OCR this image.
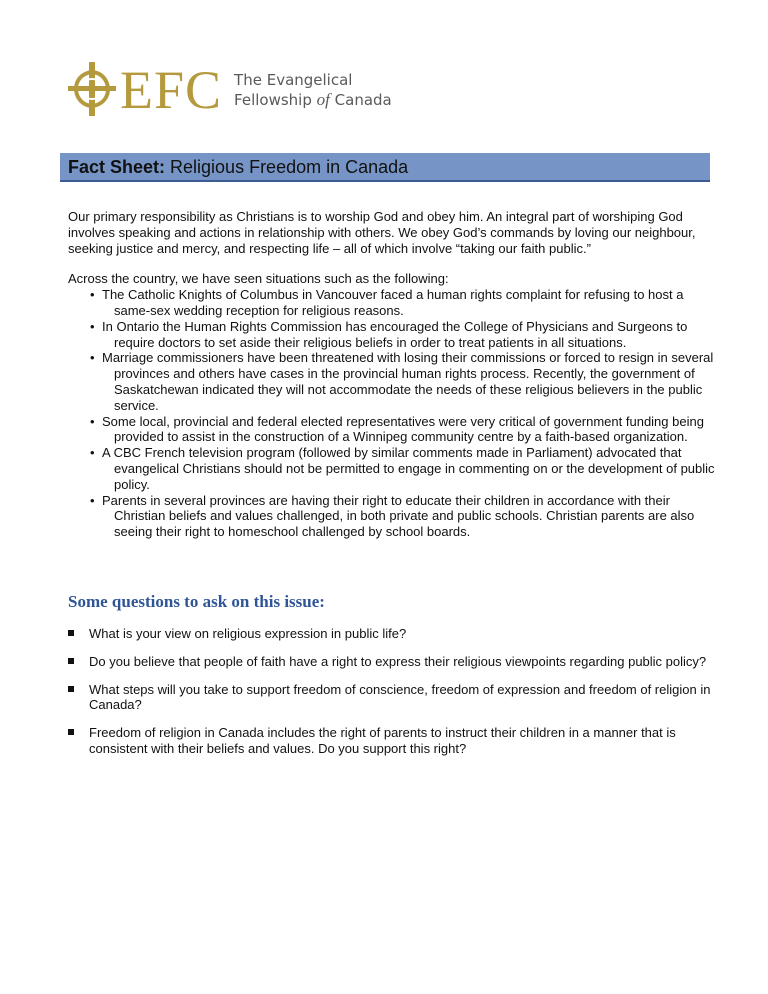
EFC The Evangelical
Fellowship of Canada
Fact Sheet: Religious Freedom in Canada

Our primary responsibility as Christians is to worship God and obey him. An integral part of worshiping God involves speaking and actions in relationship with others. We obey God’s commands by loving our neighbour, seeking justice and mercy, and respecting life – all of which involve “taking our faith public.”

Across the country, we have seen situations such as the following:

• The Catholic Knights of Columbus in Vancouver faced a human rights complaint for refusing to host a same-sex wedding reception for religious reasons.
• In Ontario the Human Rights Commission has encouraged the College of Physicians and Surgeons to require doctors to set aside their religious beliefs in order to treat patients in all situations.
• Marriage commissioners have been threatened with losing their commissions or forced to resign in several provinces and others have cases in the provincial human rights process. Recently, the government of Saskatchewan indicated they will not accommodate the needs of these religious believers in the public service.
• Some local, provincial and federal elected representatives were very critical of government funding being provided to assist in the construction of a Winnipeg community centre by a faith-based organization.
• A CBC French television program (followed by similar comments made in Parliament) advocated that evangelical Christians should not be permitted to engage in commenting on or the development of public policy.
• Parents in several provinces are having their right to educate their children in accordance with their Christian beliefs and values challenged, in both private and public schools. Christian parents are also seeing their right to homeschool challenged by school boards.
Some questions to ask on this issue:
What is your view on religious expression in public life?
Do you believe that people of faith have a right to express their religious viewpoints regarding public policy?
What steps will you take to support freedom of conscience, freedom of expression and freedom of religion in Canada?
Freedom of religion in Canada includes the right of parents to instruct their children in a manner that is consistent with their beliefs and values. Do you support this right?
